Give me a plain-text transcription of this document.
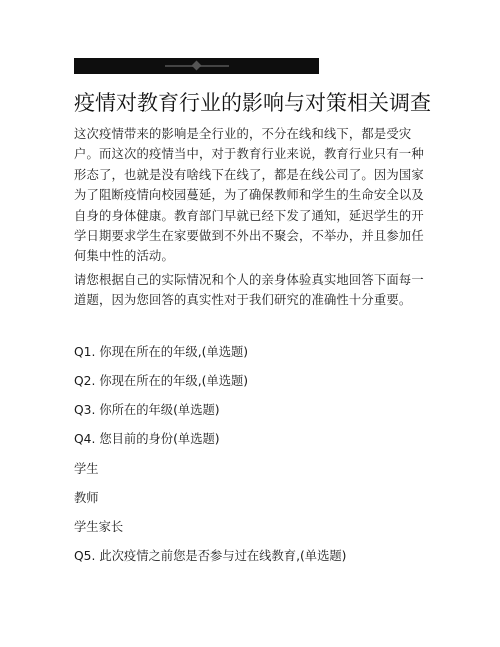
疫情对教育行业的影响与对策相关调查

这次疫情带来的影响是全行业的，不分在线和线下，都是受灾户。而这次的疫情当中，对于教育行业来说，教育行业只有一种形态了，也就是没有啥线下在线了，都是在线公司了。因为国家为了阻断疫情向校园蔓延，为了确保教师和学生的生命安全以及自身的身体健康。教育部门早就已经下发了通知，延迟学生的开学日期要求学生在家要做到不外出不聚会，不举办，并且参加任何集中性的活动。

请您根据自己的实际情况和个人的亲身体验真实地回答下面每一道题，因为您回答的真实性对于我们研究的准确性十分重要。

Q1. 你现在所在的年级,(单选题)
Q2. 你现在所在的年级,(单选题)
Q3. 你所在的年级(单选题)
Q4. 您目前的身份(单选题)
学生
教师
学生家长
Q5. 此次疫情之前您是否参与过在线教育,(单选题)
